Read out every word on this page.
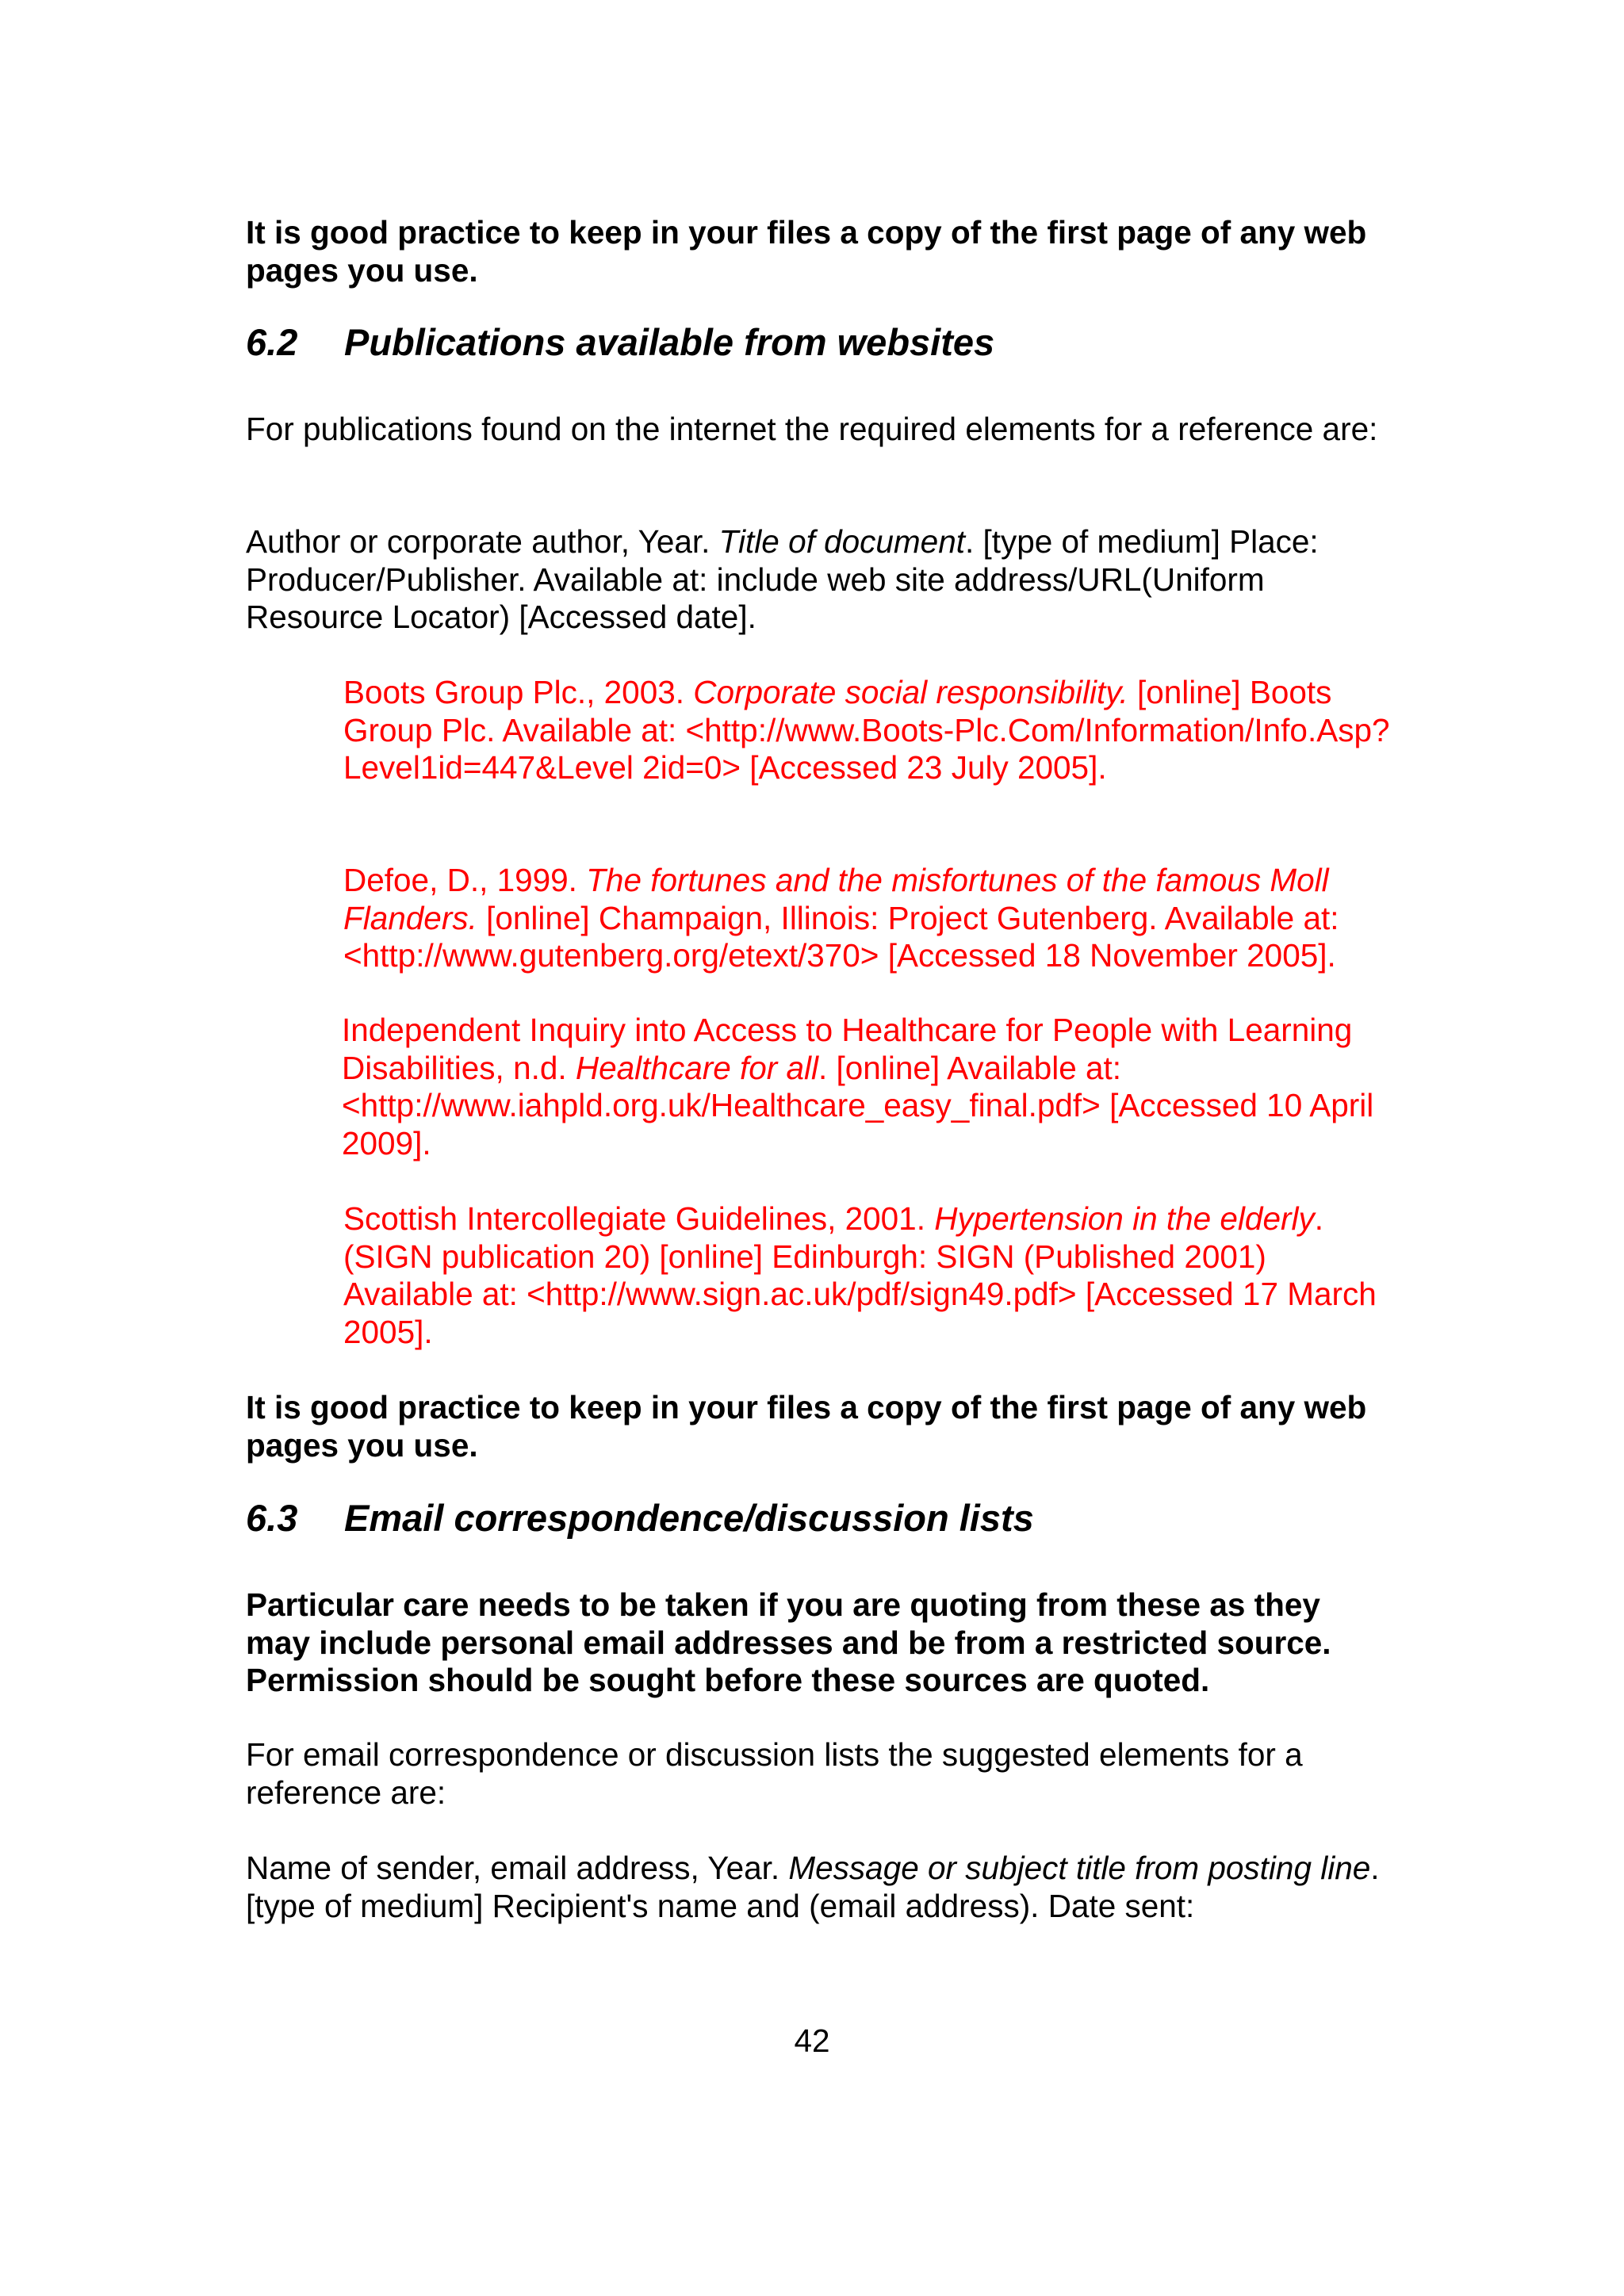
It is good practice to keep in your files a copy of the first page of any web pages you use.

6.2 Publications available from websites

For publications found on the internet the required elements for a reference are:

Author or corporate author, Year. Title of document. [type of medium] Place: Producer/Publisher. Available at: include web site address/URL(Uniform Resource Locator) [Accessed date].

Boots Group Plc., 2003. Corporate social responsibility. [online] Boots Group Plc. Available at: <http://www.Boots-Plc.Com/Information/Info.Asp?Level1id=447&Level 2id=0> [Accessed 23 July 2005].

Defoe, D., 1999. The fortunes and the misfortunes of the famous Moll Flanders. [online] Champaign, Illinois: Project Gutenberg. Available at: <http://www.gutenberg.org/etext/370> [Accessed 18 November 2005].

Independent Inquiry into Access to Healthcare for People with Learning Disabilities, n.d. Healthcare for all. [online] Available at: <http://www.iahpld.org.uk/Healthcare_easy_final.pdf> [Accessed 10 April 2009].

Scottish Intercollegiate Guidelines, 2001. Hypertension in the elderly. (SIGN publication 20) [online] Edinburgh: SIGN (Published 2001) Available at: <http://www.sign.ac.uk/pdf/sign49.pdf> [Accessed 17 March 2005].

It is good practice to keep in your files a copy of the first page of any web pages you use.

6.3 Email correspondence/discussion lists

Particular care needs to be taken if you are quoting from these as they may include personal email addresses and be from a restricted source. Permission should be sought before these sources are quoted.

For email correspondence or discussion lists the suggested elements for a reference are:

Name of sender, email address, Year. Message or subject title from posting line. [type of medium] Recipient's name and (email address). Date sent:

42
